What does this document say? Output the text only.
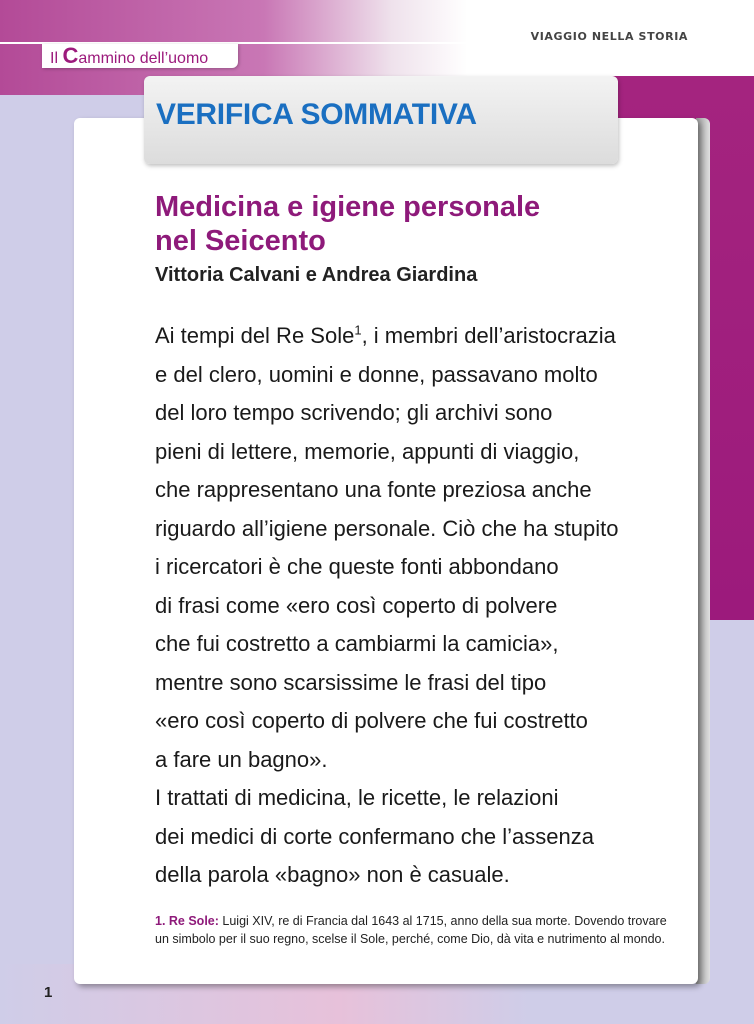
VIAGGIO NELLA STORIA
Il Cammino dell’uomo
VERIFICA SOMMATIVA
Medicina e igiene personale
nel Seicento

Vittoria Calvani e Andrea Giardina

Ai tempi del Re Sole$^1$, i membri dell’aristocrazia
e del clero, uomini e donne, passavano molto
del loro tempo scrivendo; gli archivi sono
pieni di lettere, memorie, appunti di viaggio,
che rappresentano una fonte preziosa anche
riguardo all’igiene personale. Ciò che ha stupito
i ricercatori è che queste fonti abbondano
di frasi come «ero così coperto di polvere
che fui costretto a cambiarmi la camicia»,
mentre sono scarsissime le frasi del tipo
«ero così coperto di polvere che fui costretto
a fare un bagno».
I trattati di medicina, le ricette, le relazioni
dei medici di corte confermano che l’assenza
della parola «bagno» non è casuale.
1. Re Sole: Luigi XIV, re di Francia dal 1643 al 1715, anno della sua morte. Dovendo trovare un simbolo per il suo regno, scelse il Sole, perché, come Dio, dà vita e nutrimento al mondo.
1
